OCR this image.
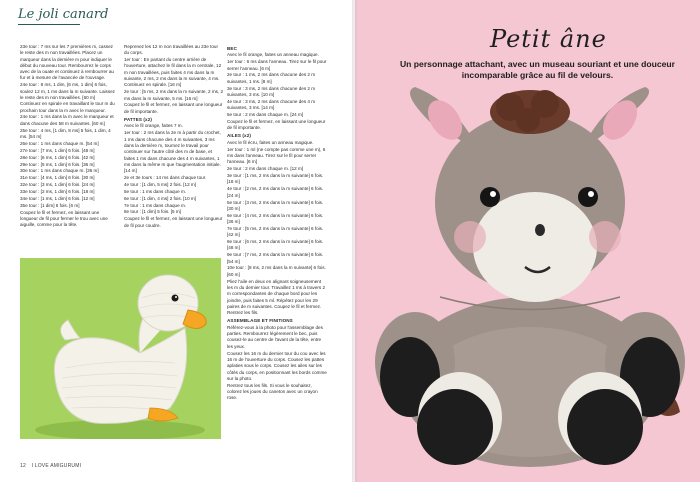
Le joli canard

23e tour : 7 ms sur les 7 premières m, cassez le reste des m non travaillées. Placez un marqueur dans la dernière m pour indiquer le début du nouveau tour. Rembourrez le corps avec de la ouate et continuez à rembourrer au fur et à mesure de l'avancée de l'ouvrage.

24e tour : 8 ms, 1 dim, [6 ms, 1 dim] 6 fois, soulez 12 m, 1 ms dans la m suivante. Laissez le reste des m non travaillées. [60 m] Continuez en spirale en travaillant le tour m du prochain tour dans la m avec le marqueur.

24e tour : 1 ms dans la m avec le marqueur et dans chacune des 58 m suivantes. [60 m]

25e tour : 4 ms, [1 dim, 8 ms] 5 fois, 1 dim, 4 ms. [54 m]

26e tour : 1 ms dans chaque m. [54 m]

27e tour : [7 ms, 1 dim] 6 fois. [48 m]

28e tour : [6 ms, 1 dim] 6 fois. [42 m]

29e tour : [5 ms, 1 dim] 6 fois. [36 m]

30e tour : 1 ms dans chaque m. [36 m]

31e tour : [4 ms, 1 dim] 6 fois. [30 m]

32e tour : [3 ms, 1 dim] 6 fois. [24 m]

33e tour : [2 ms, 1 dim] 6 fois. [18 m]

34e tour : [1 ms, 1 dim] 6 fois. [12 m]

35e tour : [1 dim] 6 fois. [6 m]

Coupez le fil et fermez, en laissant une longueur de fil pour fermer le trou avec une aiguille, comme pour la tête.

Reprenez les 12 m non travaillées au 23e tour du corps.

1er tour : En partant du centre arrière de l'ouverture, attachez le fil dans la m centrale, 12 m non travaillées, puis faites 4 ms dans la m suivante, 2 ms, 2 ms dans la m suivante, 4 ms. Continuez en spirale. [16 m]

2e tour : [5 ms, 2 ms dans la m suivante, 2 ms, 2 ms dans la m suivante, 5 ms. [16 m]

Coupez le fil et fermez, en laissant une longueur de fil importante.

PATTES (x2)

Avec le fil orange, faites 7 m.

1er tour : 2 ms dans la 2e m à partir du crochet, 1 ms dans chacune des 4 m suivantes, 3 ms dans la dernière m, tournez le travail pour continuer sur l'autre côté des m de base, et faites 1 ms dans chacune des 4 m suivantes, 1 ms dans la même m que l'augmentation initiale. [14 m]

2e et 3e tours : 14 ms dans chaque tour.

4e tour : [1 dim, 5 ms] 2 fois. [12 m]

5e tour : 1 ms dans chaque m.

6e tour : [1 dim, 4 ms] 2 fois. [10 m]

7e tour : 1 ms dans chaque m.

8e tour : [1 dim] 5 fois. [5 m]

Coupez le fil et fermez, en laissant une longueur de fil pour coudre.

BEC

Avec le fil orange, faites un anneau magique.

1er tour : 6 ms dans l'anneau. Tirez sur le fil pour serrer l'anneau. [6 m]

2e tour : 1 ms, 2 ms dans chacune des 2 m suivantes, 1 ms. [8 m]

3e tour : 3 ms, 2 ms dans chacune des 2 m suivantes, 3 ms. [10 m]

4e tour : 3 ms, 2 ms dans chacune des 4 m suivantes, 3 ms. [14 m]

5e tour : 2 ms dans chaque m. [24 m]

Coupez le fil et fermez, en laissant une longueur de fil importante.

AILES (x2)

Avec le fil écru, faites un anneau magique.

1er tour : 1 ml (ne compte pas comme une m), 6 ms dans l'anneau. Tirez sur le fil pour serrer l'anneau. [6 m]

2e tour : 2 ms dans chaque m. [12 m]

3e tour : [1 ms, 2 ms dans la m suivante] 6 fois. [18 m]

4e tour : [2 ms, 2 ms dans la m suivante] 6 fois. [24 m]

5e tour : [3 ms, 2 ms dans la m suivante] 6 fois. [30 m]

6e tour : [4 ms, 2 ms dans la m suivante] 6 fois. [36 m]

7e tour : [5 ms, 2 ms dans la m suivante] 6 fois. [42 m]

8e tour : [6 ms, 2 ms dans la m suivante] 6 fois. [48 m]

9e tour : [7 ms, 2 ms dans la m suivante] 6 fois. [54 m]

10e tour : [8 ms, 2 ms dans la m suivante] 6 fois. [60 m]

Pliez l'aile en deux en alignant soigneusement les m du dernier tour. Travaillez 1 ms à travers 2 m correspondantes de chaque bord pour les joindre, puis faites 5 ml. Répétez pour les 29 paires de m suivantes. Coupez le fil et fermez. Rentrez les fils.

ASSEMBLAGE ET FINITIONS

Référez-vous à la photo pour l'assemblage des parties. Rembourrez légèrement le bec, puis cousez-le au centre de l'avant de la tête, entre les yeux.

Cousez les 16 m du dernier tour du cou avec les 16 m de l'ouverture du corps. Cousez les pattes aplaties sous le corps. Cousez les ailes sur les côtés du corps, en positionnant les bords comme sur la photo.

Rentrez tous les fils. Si vous le souhaitez, colorez les joues du caneton avec un crayon rose.

12 I LOVE AMIGURUMI
Petit âne
Un personnage attachant, avec un museau souriant et une douceur incomparable grâce au fil de velours.
